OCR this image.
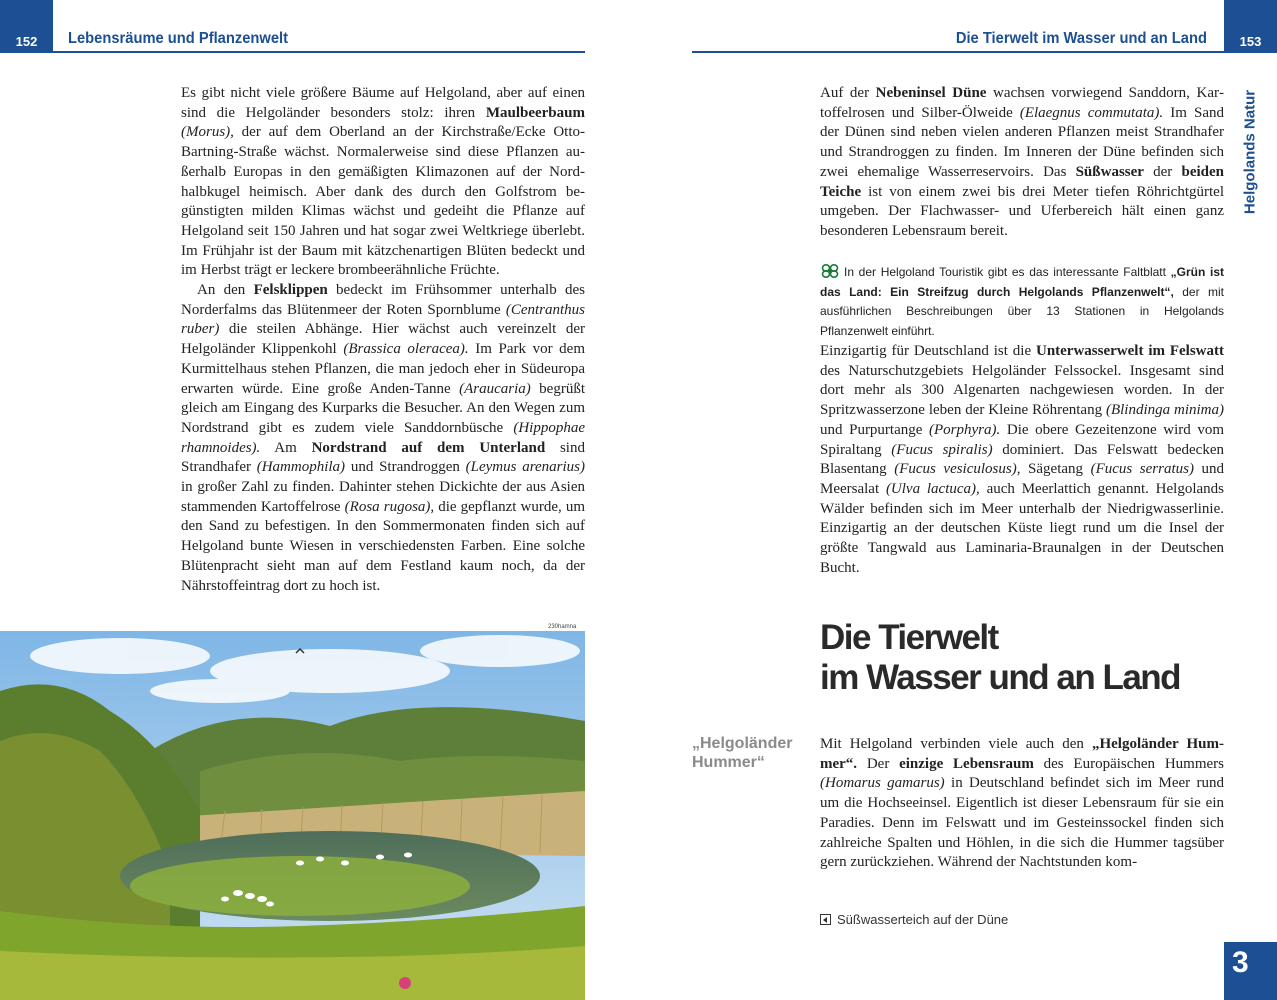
152	Lebensräume und Pflanzenwelt	Die Tierwelt im Wasser und an Land	153
Helgolands Natur

Es gibt nicht viele größere Bäume auf Helgoland, aber auf einen sind die Helgoländer besonders stolz: ihren Maulbeerbaum (Morus), der auf dem Oberland an der Kirchstraße/Ecke Otto-Bartning-Straße wächst. Normalerweise sind diese Pflanzen außerhalb Europas in den gemäßigten Klimazonen auf der Nordhalbkugel heimisch. Aber dank des durch den Golfstrom begünstigten milden Klimas wächst und gedeiht die Pflanze auf Helgoland seit 150 Jahren und hat sogar zwei Weltkriege überlebt. Im Frühjahr ist der Baum mit kätzchenartigen Blüten bedeckt und im Herbst trägt er leckere brombeerähnliche Früchte.

An den Felsklippen bedeckt im Frühsommer unterhalb des Norderfalms das Blütenmeer der Roten Spornblume (Centranthus ruber) die steilen Abhänge. Hier wächst auch vereinzelt der Helgoländer Klippenkohl (Brassica oleracea). Im Park vor dem Kurmittelhaus stehen Pflanzen, die man jedoch eher in Südeuropa erwarten würde. Eine große Anden-Tanne (Araucaria) begrüßt gleich am Eingang des Kurparks die Besucher. An den Wegen zum Nordstrand gibt es zudem viele Sanddornbüsche (Hippophae rhamnoides). Am Nordstrand auf dem Unterland sind Strandhafer (Hammophila) und Strandroggen (Leymus arenarius) in großer Zahl zu finden. Dahinter stehen Dickichte der aus Asien stammenden Kartoffelrose (Rosa rugosa), die gepflanzt wurde, um den Sand zu befestigen. In den Sommermonaten finden sich auf Helgoland bunte Wiesen in verschiedensten Farben. Eine solche Blütenpracht sieht man auf dem Festland kaum noch, da der Nährstoffeintrag dort zu hoch ist.

Auf der Nebeninsel Düne wachsen vorwiegend Sanddorn, Kartoffelrosen und Silber-Ölweide (Elaegnus commutata). Im Sand der Dünen sind neben vielen anderen Pflanzen meist Strandhafer und Strandroggen zu finden. Im Inneren der Düne befinden sich zwei ehemalige Wasserreservoirs. Das Süßwasser der beiden Teiche ist von einem zwei bis drei Meter tiefen Röhrichtgürtel umgeben. Der Flachwasser- und Uferbereich hält einen ganz besonderen Lebensraum bereit.

In der Helgoland Touristik gibt es das interessante Faltblatt „Grün ist das Land: Ein Streifzug durch Helgolands Pflanzenwelt“, der mit ausführlichen Beschreibungen über 13 Stationen in Helgolands Pflanzenwelt einführt.

Einzigartig für Deutschland ist die Unterwasserwelt im Felswatt des Naturschutzgebiets Helgoländer Felssockel. Insgesamt sind dort mehr als 300 Algenarten nachgewiesen worden. In der Spritzwasserzone leben der Kleine Röhrentang (Blindinga minima) und Purpurtange (Porphyra). Die obere Gezeitenzone wird vom Spiraltang (Fucus spiralis) dominiert. Das Felswatt bedecken Blasentang (Fucus vesiculosus), Sägetang (Fucus serratus) und Meersalat (Ulva lactuca), auch Meerlattich genannt. Helgolands Wälder befinden sich im Meer unterhalb der Niedrigwasserlinie. Einzigartig an der deutschen Küste liegt rund um die Insel der größte Tangwald aus Laminaria-Braunalgen in der Deutschen Bucht.

Die Tierwelt
im Wasser und an Land
„Helgoländer Hummer“

Mit Helgoland verbinden viele auch den „Helgoländer Hummer“. Der einzige Lebensraum des Europäischen Hummers (Homarus gamarus) in Deutschland befindet sich im Meer rund um die Hochseeinsel. Eigentlich ist dieser Lebensraum für sie ein Paradies. Denn im Felswatt und im Gesteinssockel finden sich zahlreiche Spalten und Höhlen, in die sich die Hummer tagsüber gern zurückziehen. Während der Nachtstunden kom-

Süßwasserteich auf der Düne
3
230hamna
